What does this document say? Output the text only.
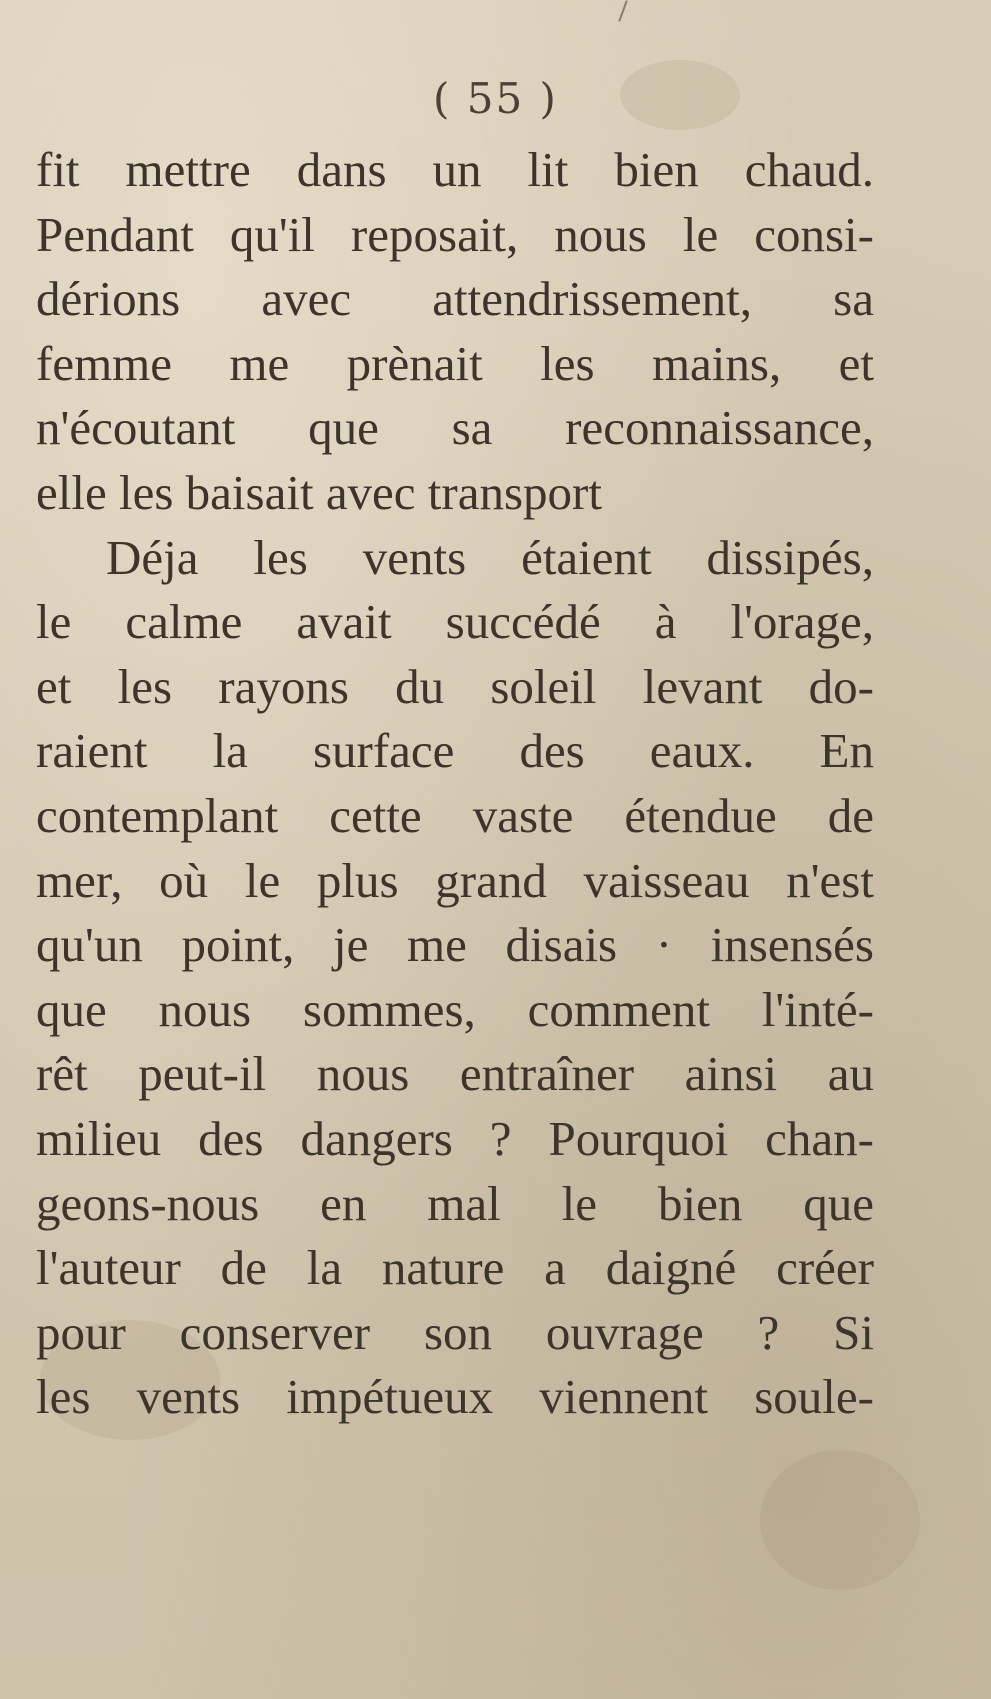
( 55 )
fit mettre dans un lit bien chaud.
Pendant qu'il reposait, nous le consi-
dérions avec attendrissement, sa
femme me prènait les mains, et
n'écoutant que sa reconnaissance,
elle les baisait avec transport
Déja les vents étaient dissipés,
le calme avait succédé à l'orage,
et les rayons du soleil levant do-
raient la surface des eaux. En
contemplant cette vaste étendue de
mer, où le plus grand vaisseau n'est
qu'un point, je me disais · insensés
que nous sommes, comment l'inté-
rêt peut-il nous entraîner ainsi au
milieu des dangers ? Pourquoi chan-
geons-nous en mal le bien que
l'auteur de la nature a daigné créer
pour conserver son ouvrage ? Si
les vents impétueux viennent soule-
